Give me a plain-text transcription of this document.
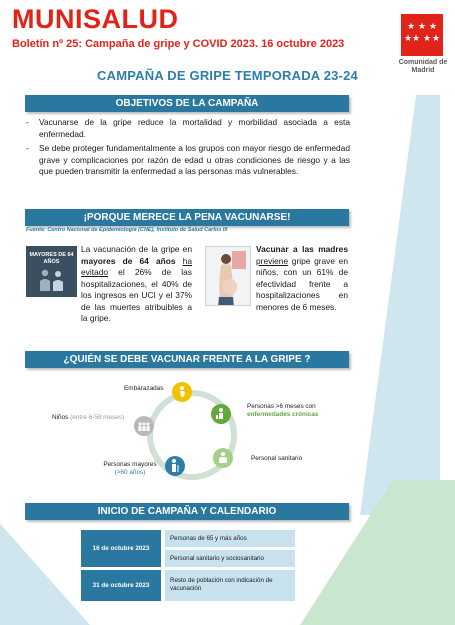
MUNISALUD
Boletín nº 25: Campaña de gripe y COVID 2023. 16 octubre 2023
★ ★ ★
★ ★ ★ ★
Comunidad de Madrid
CAMPAÑA DE GRIPE TEMPORADA 23-24
OBJETIVOS DE LA CAMPAÑA
- Vacunarse de la gripe reduce la mortalidad y morbilidad asociada a esta enfermedad.
- Se debe proteger fundamentalmente a los grupos con mayor riesgo de enfermedad grave y complicaciones por razón de edad u otras condiciones de riesgo y a las que pueden transmitir la enfermedad a las personas más vulnerables.
¡PORQUE MERECE LA PENA VACUNARSE!
Fuente: Centro Nacional de Epidemiología (CNE), Instituto de Salud Carlos III
MAYORES DE 64 AÑOS
La vacunación de la gripe en mayores de 64 años ha evitado el 26% de las hospitalizaciones, el 40% de los ingresos en UCI y el 37% de las muertes atribuibles a la gripe.
Vacunar a las madres previene gripe grave en niños, con un 61% de efectividad frente a hospitalizaciones en menores de 6 meses.
¿QUIÉN SE DEBE VACUNAR FRENTE A LA GRIPE ?
Embarazadas
Niños (entre 6-59 meses)
Personas >6 meses con
enfermedades crónicas
Personal sanitario
Personas mayores
(>60 años)
INICIO DE CAMPAÑA Y CALENDARIO
16 de octubre 2023
Personas de 65 y más años
Personal sanitario y sociosanitario
31 de octubre 2023
Resto de población con indicación de vacunación
